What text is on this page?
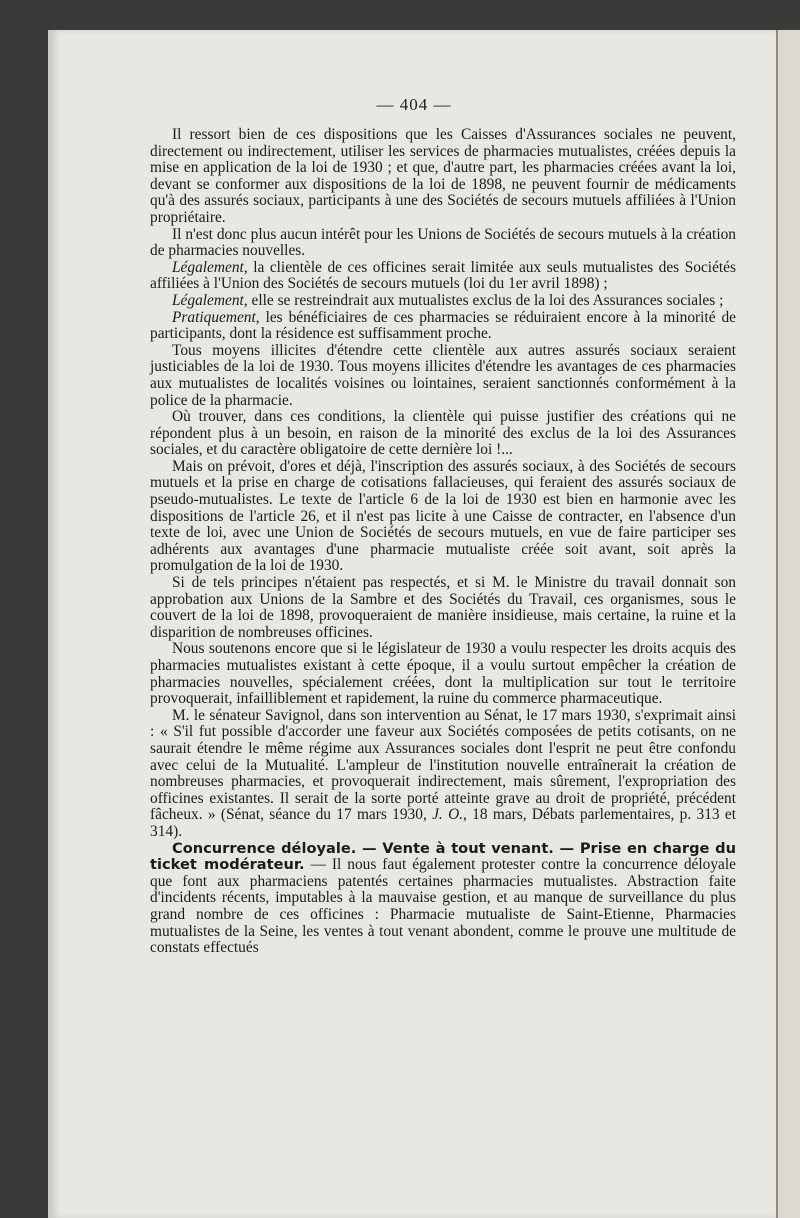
— 404 —

Il ressort bien de ces dispositions que les Caisses d'Assurances sociales ne peuvent, directement ou indirectement, utiliser les services de pharmacies mutualistes, créées depuis la mise en application de la loi de 1930 ; et que, d'autre part, les pharmacies créées avant la loi, devant se conformer aux dispositions de la loi de 1898, ne peuvent fournir de médicaments qu'à des assurés sociaux, participants à une des Sociétés de secours mutuels affiliées à l'Union propriétaire.

Il n'est donc plus aucun intérêt pour les Unions de Sociétés de secours mutuels à la création de pharmacies nouvelles.

Légalement, la clientèle de ces officines serait limitée aux seuls mutualistes des Sociétés affiliées à l'Union des Sociétés de secours mutuels (loi du 1er avril 1898) ;

Légalement, elle se restreindrait aux mutualistes exclus de la loi des Assurances sociales ;

Pratiquement, les bénéficiaires de ces pharmacies se réduiraient encore à la minorité de participants, dont la résidence est suffisamment proche.

Tous moyens illicites d'étendre cette clientèle aux autres assurés sociaux seraient justiciables de la loi de 1930. Tous moyens illicites d'étendre les avantages de ces pharmacies aux mutualistes de localités voisines ou lointaines, seraient sanctionnés conformément à la police de la pharmacie.

Où trouver, dans ces conditions, la clientèle qui puisse justifier des créations qui ne répondent plus à un besoin, en raison de la minorité des exclus de la loi des Assurances sociales, et du caractère obligatoire de cette dernière loi !...

Mais on prévoit, d'ores et déjà, l'inscription des assurés sociaux, à des Sociétés de secours mutuels et la prise en charge de cotisations fallacieuses, qui feraient des assurés sociaux de pseudo-mutualistes. Le texte de l'article 6 de la loi de 1930 est bien en harmonie avec les dispositions de l'article 26, et il n'est pas licite à une Caisse de contracter, en l'absence d'un texte de loi, avec une Union de Sociétés de secours mutuels, en vue de faire participer ses adhérents aux avantages d'une pharmacie mutualiste créée soit avant, soit après la promulgation de la loi de 1930.

Si de tels principes n'étaient pas respectés, et si M. le Ministre du travail donnait son approbation aux Unions de la Sambre et des Sociétés du Travail, ces organismes, sous le couvert de la loi de 1898, provoqueraient de manière insidieuse, mais certaine, la ruine et la disparition de nombreuses officines.

Nous soutenons encore que si le législateur de 1930 a voulu respecter les droits acquis des pharmacies mutualistes existant à cette époque, il a voulu surtout empêcher la création de pharmacies nouvelles, spécialement créées, dont la multiplication sur tout le territoire provoquerait, infailliblement et rapidement, la ruine du commerce pharmaceutique.

M. le sénateur Savignol, dans son intervention au Sénat, le 17 mars 1930, s'exprimait ainsi : « S'il fut possible d'accorder une faveur aux Sociétés composées de petits cotisants, on ne saurait étendre le même régime aux Assurances sociales dont l'esprit ne peut être confondu avec celui de la Mutualité. L'ampleur de l'institution nouvelle entraînerait la création de nombreuses pharmacies, et provoquerait indirectement, mais sûrement, l'expropriation des officines existantes. Il serait de la sorte porté atteinte grave au droit de propriété, précédent fâcheux. » (Sénat, séance du 17 mars 1930, J. O., 18 mars, Débats parlementaires, p. 313 et 314).

Concurrence déloyale. — Vente à tout venant. — Prise en charge du ticket modérateur. — Il nous faut également protester contre la concurrence déloyale que font aux pharmaciens patentés certaines pharmacies mutualistes. Abstraction faite d'incidents récents, imputables à la mauvaise gestion, et au manque de surveillance du plus grand nombre de ces officines : Pharmacie mutualiste de Saint-Etienne, Pharmacies mutualistes de la Seine, les ventes à tout venant abondent, comme le prouve une multitude de constats effectués
